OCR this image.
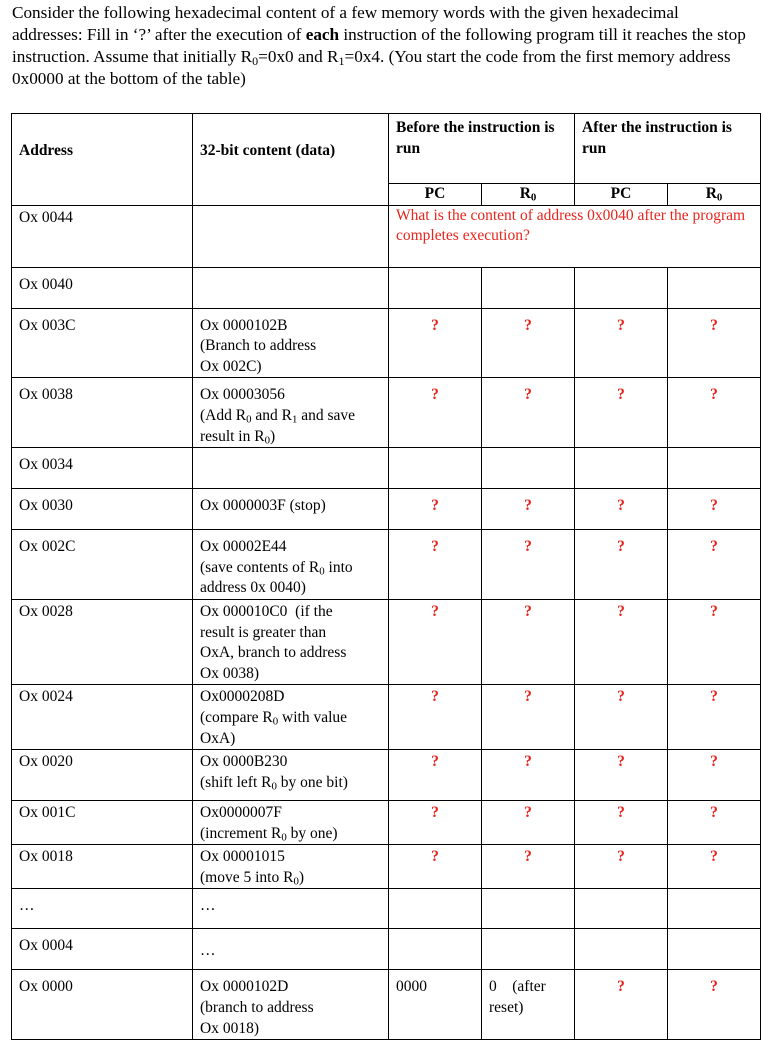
Consider the following hexadecimal content of a few memory words with the given hexadecimal addresses: Fill in ‘?’ after the execution of each instruction of the following program till it reaches the stop instruction. Assume that initially $R_0=0x0$ and $R_1=0x4$. (You start the code from the first memory address 0x0000 at the bottom of the table)

Address	32-bit content (data)	Before the instruction is run		After the instruction is run	

		PC	$R_0$	PC	$R_0$

Ox 0044		What is the content of address 0x0040 after the program completes execution?			

Ox 0040					

Ox 003C	Ox 0000102B
(Branch to address
Ox 002C)	?	?	?	?

Ox 0038	Ox 00003056
(Add $R_0$ and $R_1$ and save
result in $R_0$)	?	?	?	?

Ox 0034					

Ox 0030	Ox 0000003F (stop)	?	?	?	?

Ox 002C	Ox 00002E44
(save contents of $R_0$ into
address 0x 0040)	?	?	?	?

Ox 0028	Ox 000010C0  (if the
result is greater than
OxA, branch to address
Ox 0038)	?	?	?	?

Ox 0024	Ox0000208D
(compare $R_0$ with value
OxA)	?	?	?	?

Ox 0020	Ox 0000B230
(shift left $R_0$ by one bit)	?	?	?	?

Ox 001C	Ox0000007F
(increment $R_0$ by one)	?	?	?	?

Ox 0018	Ox 00001015
(move 5 into $R_0$)	?	?	?	?

…	…				

Ox 0004	…				

Ox 0000	Ox 0000102D
(branch to address
Ox 0018)	0000	0    (after
reset)	?	?
